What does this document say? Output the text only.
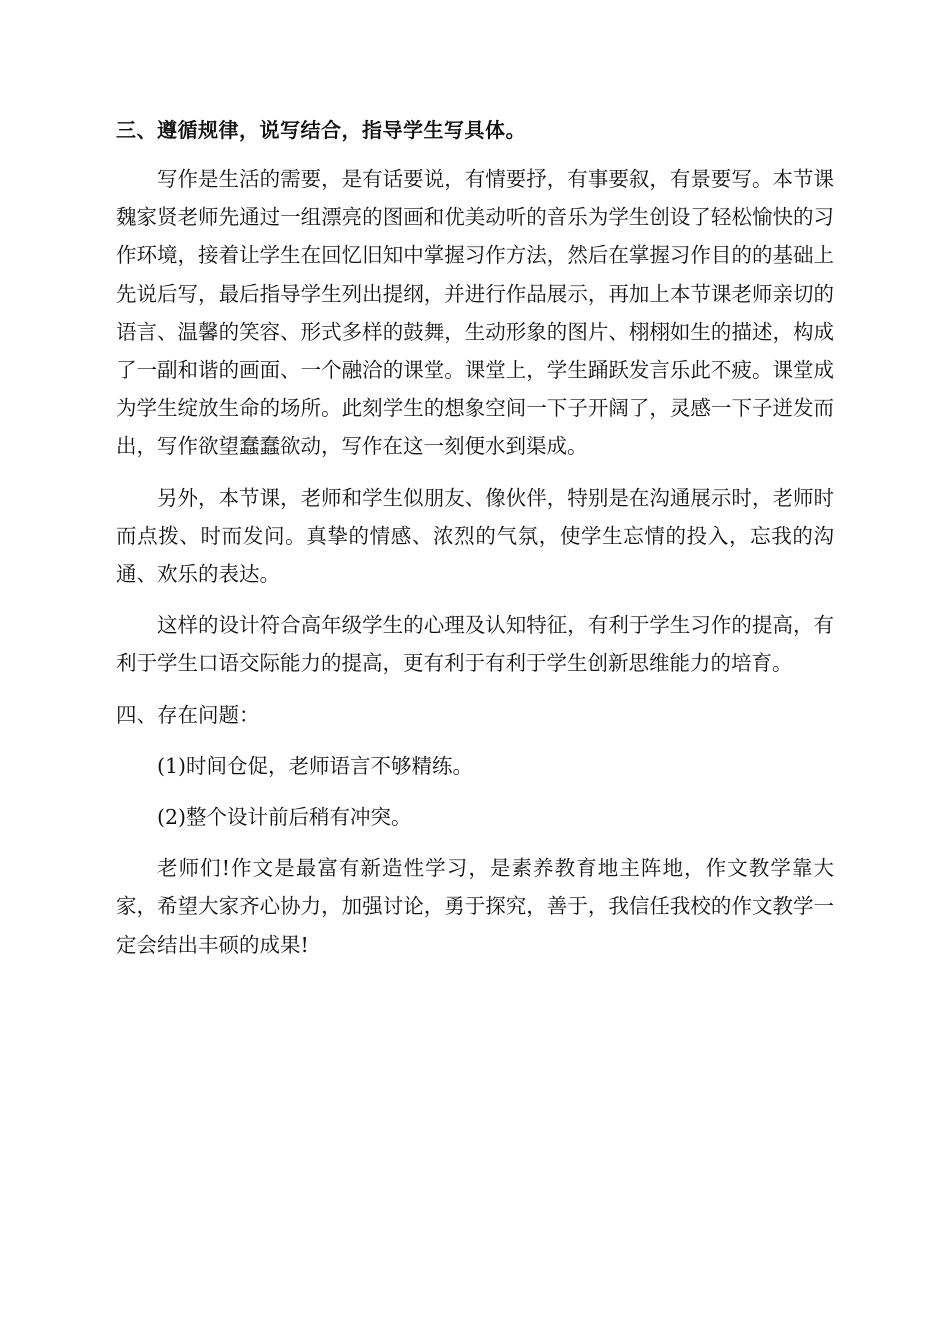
三、遵循规律，说写结合，指导学生写具体。

写作是生活的需要，是有话要说，有情要抒，有事要叙，有景要写。本节课魏家贤老师先通过一组漂亮的图画和优美动听的音乐为学生创设了轻松愉快的习作环境，接着让学生在回忆旧知中掌握习作方法，然后在掌握习作目的的基础上先说后写，最后指导学生列出提纲，并进行作品展示，再加上本节课老师亲切的语言、温馨的笑容、形式多样的鼓舞，生动形象的图片、栩栩如生的描述，构成了一副和谐的画面、一个融洽的课堂。课堂上，学生踊跃发言乐此不疲。课堂成为学生绽放生命的场所。此刻学生的想象空间一下子开阔了，灵感一下子迸发而出，写作欲望蠢蠢欲动，写作在这一刻便水到渠成。

另外，本节课，老师和学生似朋友、像伙伴，特别是在沟通展示时，老师时而点拨、时而发问。真挚的情感、浓烈的气氛，使学生忘情的投入，忘我的沟通、欢乐的表达。

这样的设计符合高年级学生的心理及认知特征，有利于学生习作的提高，有利于学生口语交际能力的提高，更有利于有利于学生创新思维能力的培育。

四、存在问题：

(1)时间仓促，老师语言不够精练。

(2)整个设计前后稍有冲突。

老师们!作文是最富有新造性学习，是素养教育地主阵地，作文教学靠大家，希望大家齐心协力，加强讨论，勇于探究，善于，我信任我校的作文教学一定会结出丰硕的成果!
